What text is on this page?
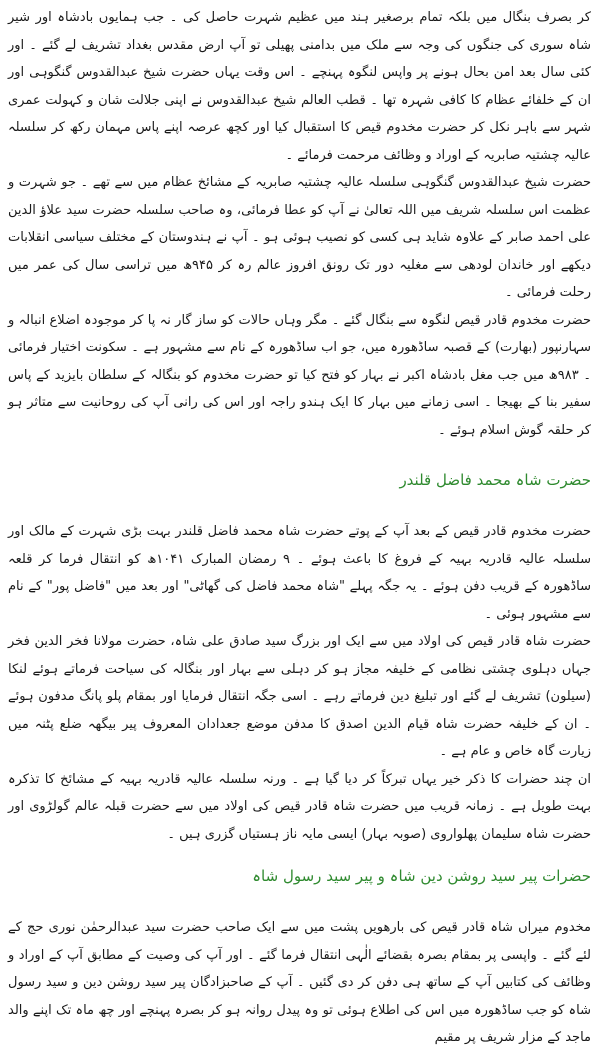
کر بصرف بنگال میں بلکہ تمام برصغیر ہند میں عظیم شہرت حاصل کی ۔ جب ہمایوں بادشاہ اور شیر شاہ سوری کی جنگوں کی وجہ سے ملک میں بدامنی پھیلی تو آپ ارض مقدس بغداد تشریف لے گئے ۔ اور کئی سال بعد امن بحال ہونے پر واپس لنگوہ پہنچے ۔ اس وقت یہاں حضرت شیخ عبدالقدوس گنگوہی اور ان کے خلفائے عظام کا کافی شہرہ تھا ۔ قطب العالم شیخ عبدالقدوس نے اپنی جلالت شان و کہولت عمری شہر سے باہر نکل کر حضرت مخدوم قیص کا استقبال کیا اور کچھ عرصہ اپنے پاس مہمان رکھ کر سلسلہ عالیہ چشتیہ صابریہ کے اوراد و وظائف مرحمت فرمائے ۔

حضرت شیخ عبدالقدوس گنگوہی سلسلہ عالیہ چشتیہ صابریہ کے مشائخ عظام میں سے تھے ۔ جو شہرت و عظمت اس سلسلہ شریف میں اللہ تعالیٰ نے آپ کو عطا فرمائی، وہ صاحب سلسلہ حضرت سید علاؤ الدین علی احمد صابر کے علاوہ شاید ہی کسی کو نصیب ہوئی ہو ۔ آپ نے ہندوستان کے مختلف سیاسی انقلابات دیکھے اور خاندان لودھی سے مغلیہ دور تک رونق افروز عالم رہ کر ۹۴۵ھ میں تراسی سال کی عمر میں رحلت فرمائی ۔

حضرت مخدوم قادر قیص لنگوہ سے بنگال گئے ۔ مگر وہاں حالات کو ساز گار نہ پا کر موجودہ اضلاع انبالہ و سہارنپور (بھارت) کے قصبہ ساڈھورہ میں، جو اب ساڈھورہ کے نام سے مشہور ہے ۔ سکونت اختیار فرمائی ۔ ۹۸۳ھ میں جب مغل بادشاہ اکبر نے بہار کو فتح کیا تو حضرت مخدوم کو بنگالہ کے سلطان بایزید کے پاس سفیر بنا کے بھیجا ۔ اسی زمانے میں بہار کا ایک ہندو راجہ اور اس کی رانی آپ کی روحانیت سے متاثر ہو کر حلقہ گوش اسلام ہوئے ۔

حضرت شاہ محمد فاضل قلندر

حضرت مخدوم قادر قیص کے بعد آپ کے پوتے حضرت شاہ محمد فاضل قلندر بہت بڑی شہرت کے مالک اور سلسلہ عالیہ قادریہ بہیہ کے فروغ کا باعث ہوئے ۔ ۹ رمضان المبارک ۱۰۴۱ھ کو انتقال فرما کر قلعہ ساڈھورہ کے قریب دفن ہوئے ۔ یہ جگہ پہلے "شاہ محمد فاضل کی گھاٹی" اور بعد میں "فاضل پور" کے نام سے مشہور ہوئی ۔

حضرت شاہ قادر قیص کی اولاد میں سے ایک اور بزرگ سید صادق علی شاہ، حضرت مولانا فخر الدین فخر جہاں دہلوی چشتی نظامی کے خلیفہ مجاز ہو کر دہلی سے بہار اور بنگالہ کی سیاحت فرماتے ہوئے لنکا (سیلون) تشریف لے گئے اور تبلیغ دین فرماتے رہے ۔ اسی جگہ انتقال فرمایا اور بمقام پلو پانگ مدفون ہوئے ۔ ان کے خلیفہ حضرت شاہ قیام الدین اصدق کا مدفن موضع جعدادان المعروف پیر بیگھہ ضلع پٹنہ میں زیارت گاہ خاص و عام ہے ۔

ان چند حضرات کا ذکر خیر یہاں تبرکاً کر دیا گیا ہے ۔ ورنہ سلسلہ عالیہ قادریہ بہیہ کے مشائخ کا تذکرہ بہت طویل ہے ۔ زمانہ قریب میں حضرت شاہ قادر قیص کی اولاد میں سے حضرت قبلہ عالم گولڑوی اور حضرت شاہ سلیمان پھلواروی (صوبہ بہار) ایسی مایہ ناز ہستیاں گزری ہیں ۔

حضرات پیر سید روشن دین شاہ و پیر سید رسول شاہ

مخدوم میراں شاہ قادر قیص کی بارھویں پشت میں سے ایک صاحب حضرت سید عبدالرحمٰن نوری حج کے لئے گئے ۔ واپسی پر بمقام بصرہ بقضائے الٰہی انتقال فرما گئے ۔ اور آپ کی وصیت کے مطابق آپ کے اوراد و وظائف کی کتابیں آپ کے ساتھ ہی دفن کر دی گئیں ۔ آپ کے صاحبزادگان پیر سید روشن دین و سید رسول شاہ کو جب ساڈھورہ میں اس کی اطلاع ہوئی تو وہ پیدل روانہ ہو کر بصرہ پہنچے اور چھ ماہ تک اپنے والد ماجد کے مزار شریف پر مقیم
